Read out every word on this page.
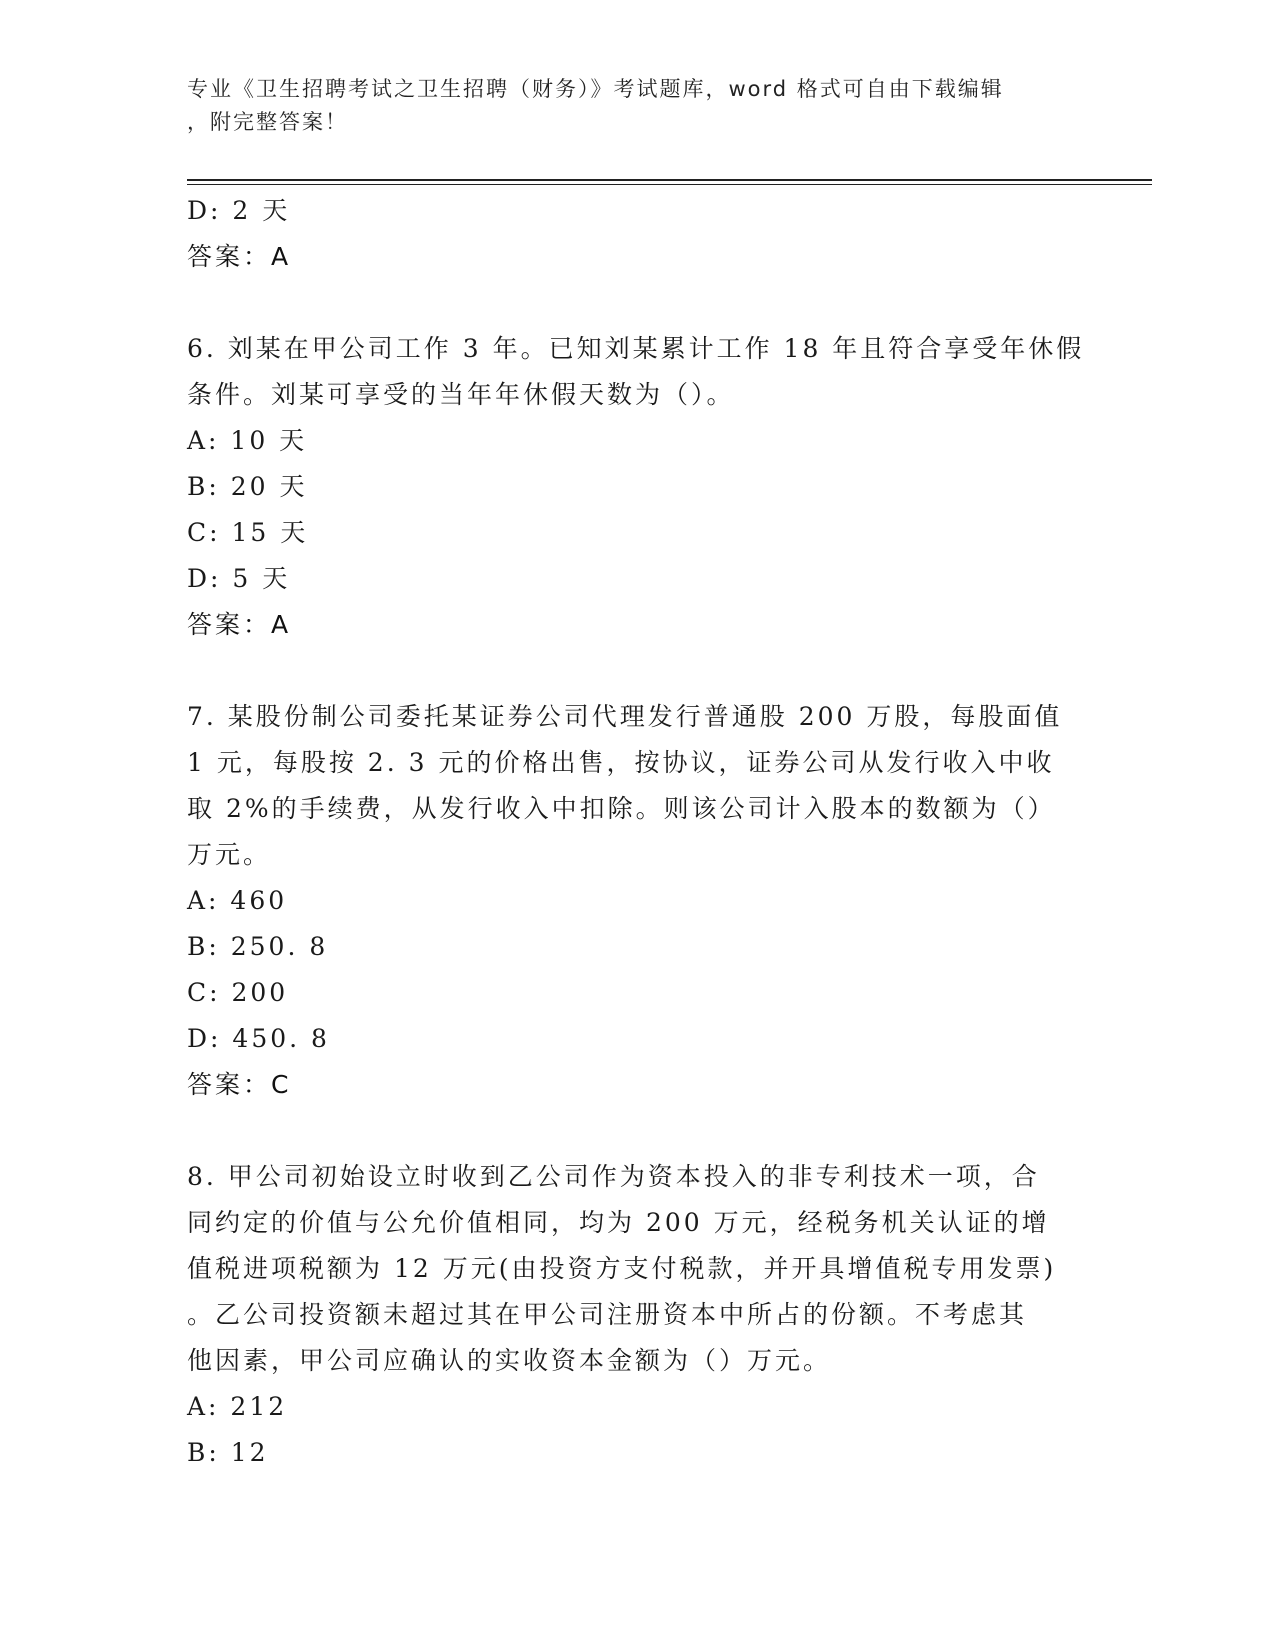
专业《卫生招聘考试之卫生招聘（财务）》考试题库，word 格式可自由下载编辑
，附完整答案！

D: 2 天

答案：A

6. 刘某在甲公司工作 3 年。已知刘某累计工作 18 年且符合享受年休假

条件。刘某可享受的当年年休假天数为（）。

A: 10 天

B: 20 天

C: 15 天

D: 5 天

答案：A

7. 某股份制公司委托某证券公司代理发行普通股 200 万股，每股面值

1 元，每股按 2. 3 元的价格出售，按协议，证券公司从发行收入中收

取 2%的手续费，从发行收入中扣除。则该公司计入股本的数额为（）

万元。

A: 460

B: 250. 8

C: 200

D: 450. 8

答案：C

8. 甲公司初始设立时收到乙公司作为资本投入的非专利技术一项，合

同约定的价值与公允价值相同，均为 200 万元，经税务机关认证的增

值税进项税额为 12 万元(由投资方支付税款，并开具增值税专用发票)

。乙公司投资额未超过其在甲公司注册资本中所占的份额。不考虑其

他因素，甲公司应确认的实收资本金额为（）万元。

A: 212

B: 12
